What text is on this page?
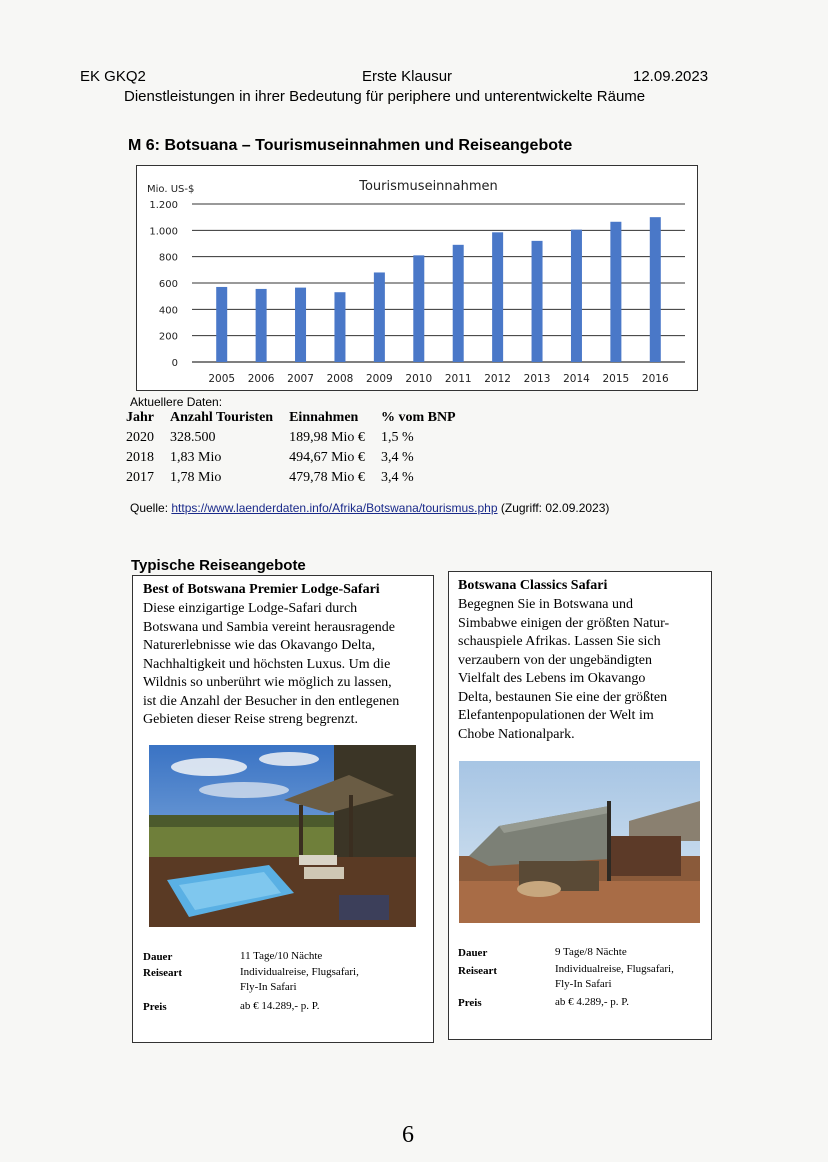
EK GKQ2	Erste Klausur	12.09.2023
Dienstleistungen in ihrer Bedeutung für periphere und unterentwickelte Räume
M 6: Botsuana – Tourismuseinnahmen und Reiseangebote
Tourismuseinnahmen
Mio. US-$
0
200
400
600
800
1.000
1.200
2005 2006 2007 2008 2009 2010 2011 2012 2013 2014 2015 2016
Aktuellere Daten:
Jahr	Anzahl Touristen	Einnahmen	% vom BNP
2020	328.500	189,98 Mio €	1,5 %
2018	1,83 Mio	494,67 Mio €	3,4 %
2017	1,78 Mio	479,78 Mio €	3,4 %
Quelle: https://www.laenderdaten.info/Afrika/Botswana/tourismus.php (Zugriff: 02.09.2023)
Typische Reiseangebote
Best of Botswana Premier Lodge-Safari
Diese einzigartige Lodge-Safari durch
Botswana und Sambia vereint herausragende
Naturerlebnisse wie das Okavango Delta,
Nachhaltigkeit und höchsten Luxus. Um die
Wildnis so unberührt wie möglich zu lassen,
ist die Anzahl der Besucher in den entlegenen
Gebieten dieser Reise streng begrenzt.
Dauer	11 Tage/10 Nächte
Reiseart	Individualreise, Flugsafari,
Fly-In Safari
Preis	ab € 14.289,- p. P.
Botswana Classics Safari
Begegnen Sie in Botswana und
Simbabwe einigen der größten Natur-
schauspiele Afrikas. Lassen Sie sich
verzaubern von der ungebändigten
Vielfalt des Lebens im Okavango
Delta, bestaunen Sie eine der größten
Elefantenpopulationen der Welt im
Chobe Nationalpark.
Dauer	9 Tage/8 Nächte
Reiseart	Individualreise, Flugsafari,
Fly-In Safari
Preis	ab € 4.289,- p. P.
6
